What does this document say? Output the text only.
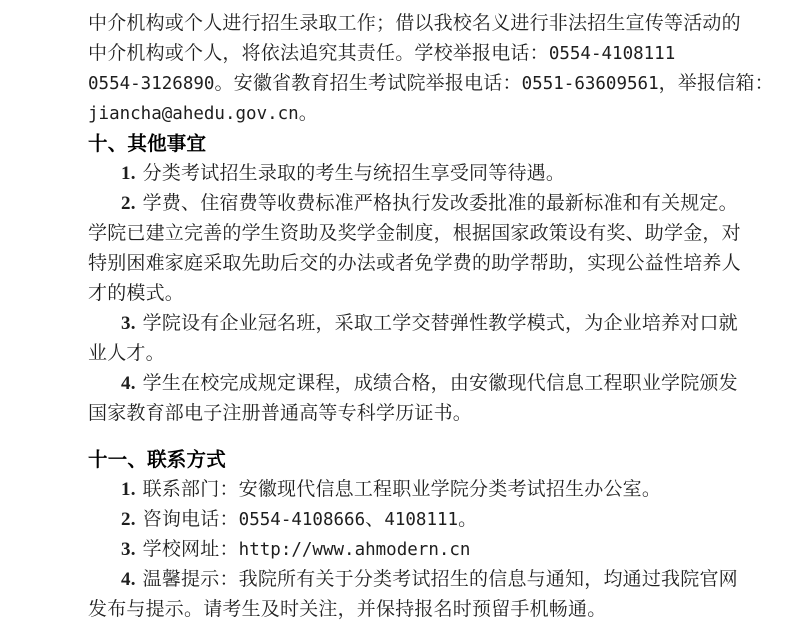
中介机构或个人进行招生录取工作；借以我校名义进行非法招生宣传等活动的
中介机构或个人，将依法追究其责任。学校举报电话：0554-4108111
0554-3126890。安徽省教育招生考试院举报电话：0551-63609561，举报信箱：
jiancha@ahedu.gov.cn。
十、其他事宜
1. 分类考试招生录取的考生与统招生享受同等待遇。
2. 学费、住宿费等收费标准严格执行发改委批准的最新标准和有关规定。
学院已建立完善的学生资助及奖学金制度，根据国家政策设有奖、助学金，对
特别困难家庭采取先助后交的办法或者免学费的助学帮助，实现公益性培养人
才的模式。
3. 学院设有企业冠名班，采取工学交替弹性教学模式，为企业培养对口就
业人才。
4. 学生在校完成规定课程，成绩合格，由安徽现代信息工程职业学院颁发
国家教育部电子注册普通高等专科学历证书。
十一、联系方式
1. 联系部门：安徽现代信息工程职业学院分类考试招生办公室。
2. 咨询电话：0554-4108666、4108111。
3. 学校网址：http://www.ahmodern.cn
4. 温馨提示：我院所有关于分类考试招生的信息与通知，均通过我院官网
发布与提示。请考生及时关注，并保持报名时预留手机畅通。
